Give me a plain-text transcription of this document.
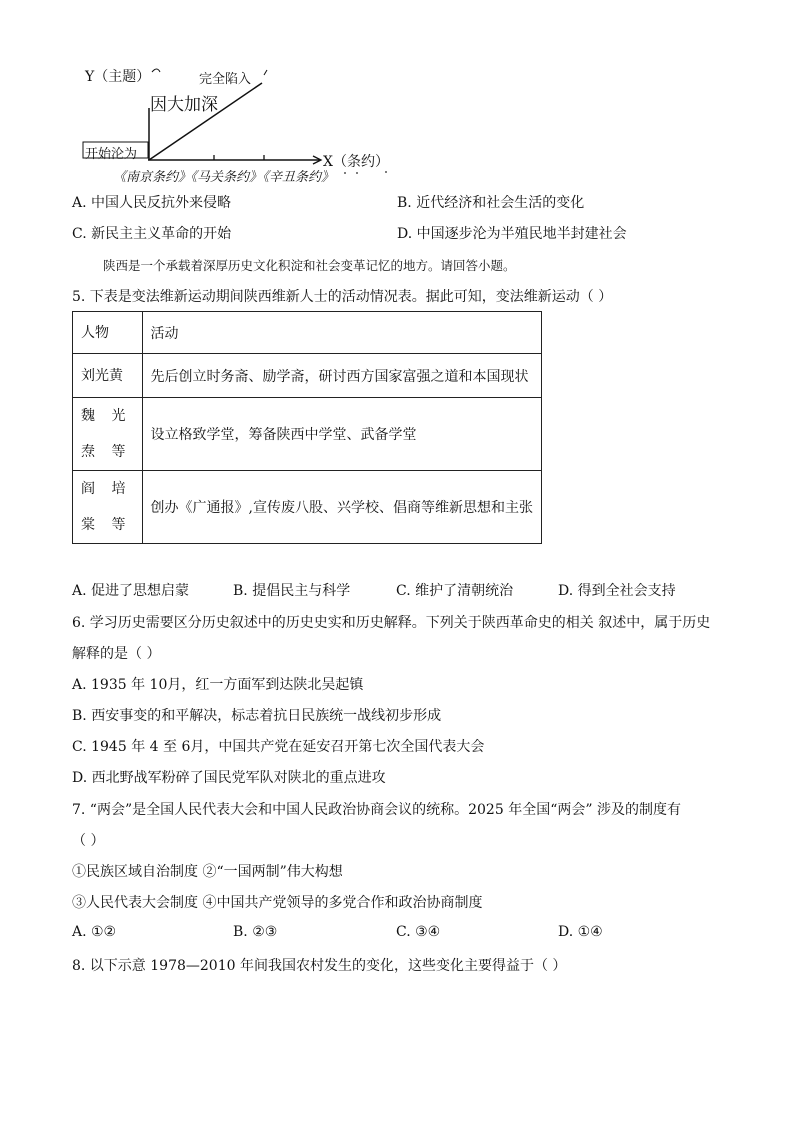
Y（主题）	完全陷入
因大加深
开始沦为	X（条约）
《南京条约》
《马关条约》
《辛丑条约》
A. 中国人民反抗外来侵略	B. 近代经济和社会生活的变化
C. 新民主主义革命的开始	D. 中国逐步沦为半殖民地半封建社会
陕西是一个承载着深厚历史文化积淀和社会变革记忆的地方。请回答小题。
5. 下表是变法维新运动期间陕西维新人士的活动情况表。据此可知，变法维新运动（ ）
人物	活动
刘光黄	先后创立时务斋、励学斋，研讨西方国家富强之道和本国现状
魏 光 焘 等	设立格致学堂，筹备陕西中学堂、武备学堂
阎 培 棠 等	创办《广通报》,宣传废八股、兴学校、倡商等维新思想和主张
A. 促进了思想启蒙	B. 提倡民主与科学	C. 维护了清朝统治	D. 得到全社会支持
6. 学习历史需要区分历史叙述中的历史史实和历史解释。下列关于陕西革命史的相关 叙述中，属于历史
解释的是（ ）
A. 1935 年 10月，红一方面军到达陕北吴起镇
B. 西安事变的和平解决，标志着抗日民族统一战线初步形成
C. 1945 年 4 至 6月，中国共产党在延安召开第七次全国代表大会
D. 西北野战军粉碎了国民党军队对陕北的重点进攻
7. “两会”是全国人民代表大会和中国人民政治协商会议的统称。2025 年全国“两会” 涉及的制度有
（ ）
①民族区域自治制度 ②“一国两制”伟大构想
③人民代表大会制度 ④中国共产党领导的多党合作和政治协商制度
A. ①②	B. ②③	C. ③④	D. ①④
8. 以下示意 1978—2010 年间我国农村发生的变化，这些变化主要得益于（ ）
